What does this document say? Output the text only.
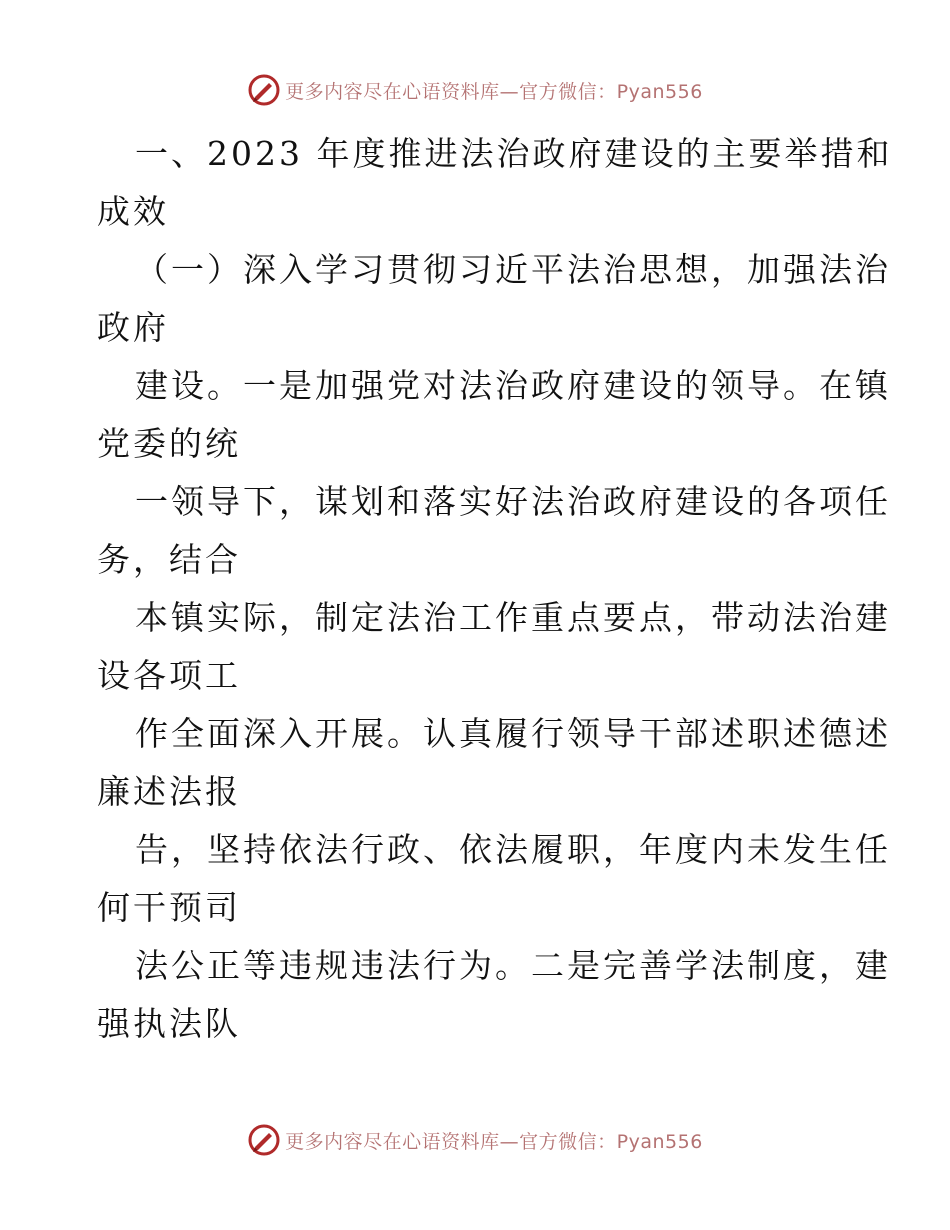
更多内容尽在心语资料库—官方微信：Pyan556
一、2023 年度推进法治政府建设的主要举措和
成效
（一）深入学习贯彻习近平法治思想，加强法治
政府
建设。一是加强党对法治政府建设的领导。在镇
党委的统
一领导下，谋划和落实好法治政府建设的各项任
务，结合
本镇实际，制定法治工作重点要点，带动法治建
设各项工
作全面深入开展。认真履行领导干部述职述德述
廉述法报
告，坚持依法行政、依法履职，年度内未发生任
何干预司
法公正等违规违法行为。二是完善学法制度，建
强执法队
更多内容尽在心语资料库—官方微信：Pyan556
